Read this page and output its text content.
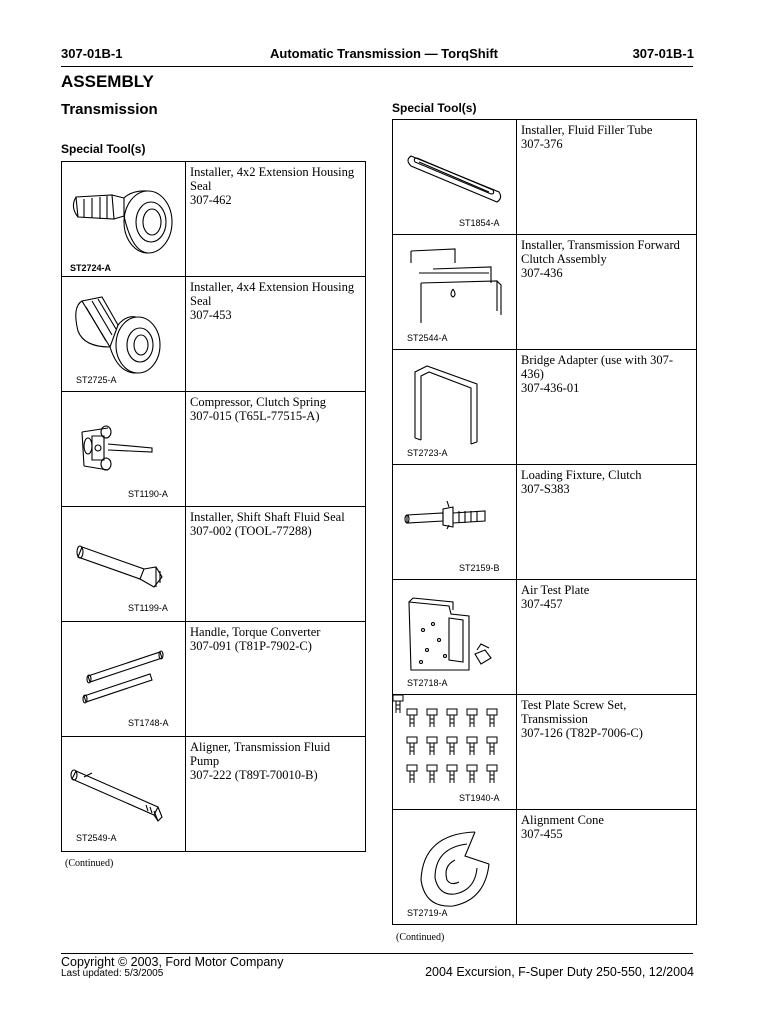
307-01B-1	Automatic Transmission — TorqShift	307-01B-1
ASSEMBLY
Transmission
Special Tool(s)
Special Tool(s)
ST2724-A	Installer, 4x2 Extension Housing Seal
307-462

ST2725-A	Installer, 4x4 Extension Housing Seal
307-453

ST1190-A	Compressor, Clutch Spring
307-015 (T65L-77515-A)

ST1199-A	Installer, Shift Shaft Fluid Seal
307-002 (TOOL-77288)

ST1748-A	Handle, Torque Converter
307-091 (T81P-7902-C)

ST2549-A	Aligner, Transmission Fluid Pump
307-222 (T89T-70010-B)
(Continued)
ST1854-A	Installer, Fluid Filler Tube
307-376

ST2544-A	Installer, Transmission Forward Clutch Assembly
307-436

ST2723-A	Bridge Adapter (use with 307-436)
307-436-01

ST2159-B	Loading Fixture, Clutch
307-S383

ST2718-A	Air Test Plate
307-457

ST1940-A	Test Plate Screw Set, Transmission
307-126 (T82P-7006-C)

ST2719-A	Alignment Cone
307-455
(Continued)
Copyright © 2003, Ford Motor Company
Last updated: 5/3/2005	2004 Excursion, F-Super Duty 250-550, 12/2004
